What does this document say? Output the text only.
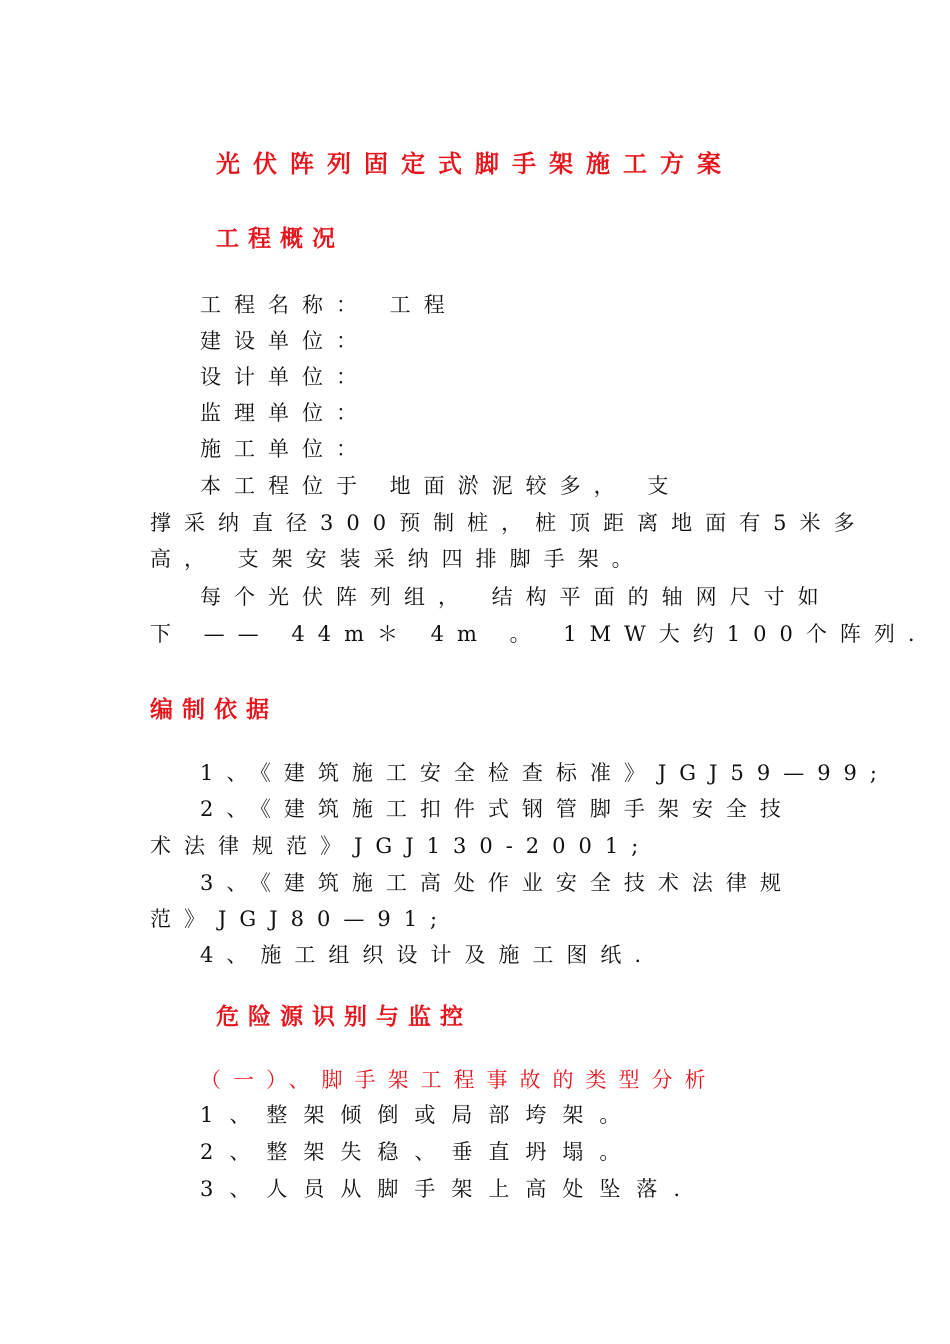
光伏阵列固定式脚手架施工方案

工程概况

工程名称： 工程

建设单位：

设计单位：

监理单位：

施工单位：

本工程位于 地面淤泥较多， 支

撑采纳直径300预制桩，桩顶距离地面有5米多

高， 支架安装采纳四排脚手架。

每个光伏阵列组， 结构平面的轴网尺寸如

下 —— 44m＊ 4m 。 1MW大约100个阵列.

编制依据

1、《建筑施工安全检查标准》JGJ59—99;

2、《建筑施工扣件式钢管脚手架安全技

术法律规范》JGJ130-2001;

3、《建筑施工高处作业安全技术法律规

范》JGJ80—91;

4、施工组织设计及施工图纸.

危险源识别与监控

（一）、脚手架工程事故的类型分析

1、整架倾倒或局部垮架。

2、整架失稳、垂直坍塌。

3、人员从脚手架上高处坠落.
